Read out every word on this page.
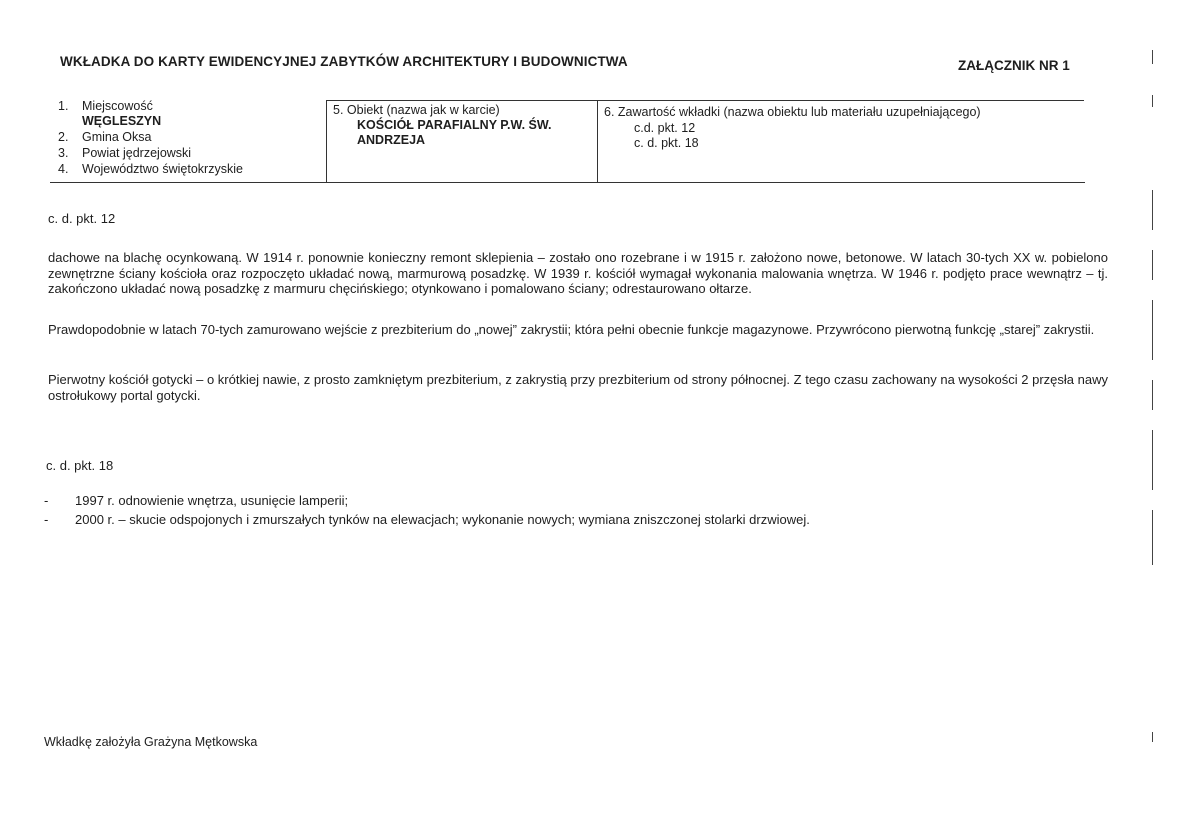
WKŁADKA DO KARTY EWIDENCYJNEJ ZABYTKÓW ARCHITEKTURY I BUDOWNICTWA	ZAŁĄCZNIK NR 1
1. Miejscowość
WĘGLESZYN
2. Gmina Oksa
3. Powiat jędrzejowski
4. Województwo świętokrzyskie
5. Obiekt (nazwa jak w karcie)
KOŚCIÓŁ PARAFIALNY P.W. ŚW. ANDRZEJA
6. Zawartość wkładki (nazwa obiektu lub materiału uzupełniającego)
c.d. pkt. 12
c. d. pkt. 18
c. d. pkt. 12
dachowe na blachę ocynkowaną. W 1914 r. ponownie konieczny remont sklepienia – zostało ono rozebrane i w 1915 r. założono nowe, betonowe. W latach 30-tych XX w. pobielono zewnętrzne ściany kościoła oraz rozpoczęto układać nową, marmurową posadzkę. W 1939 r. kościół wymagał wykonania malowania wnętrza. W 1946 r. podjęto prace wewnątrz – tj. zakończono układać nową posadzkę z marmuru chęcińskiego; otynkowano i pomalowano ściany; odrestaurowano ołtarze.
Prawdopodobnie w latach 70-tych zamurowano wejście z prezbiterium do „nowej” zakrystii; która pełni obecnie funkcje magazynowe. Przywrócono pierwotną funkcję „starej” zakrystii.
Pierwotny kościół gotycki – o krótkiej nawie, z prosto zamkniętym prezbiterium, z zakrystią przy prezbiterium od strony północnej. Z tego czasu zachowany na wysokości 2 przęsła nawy ostrołukowy portal gotycki.
c. d. pkt. 18
- 1997 r. odnowienie wnętrza, usunięcie lamperii;
- 2000 r. – skucie odspojonych i zmurszałych tynków na elewacjach; wykonanie nowych; wymiana zniszczonej stolarki drzwiowej.
Wkładkę założyła Grażyna Mętkowska
